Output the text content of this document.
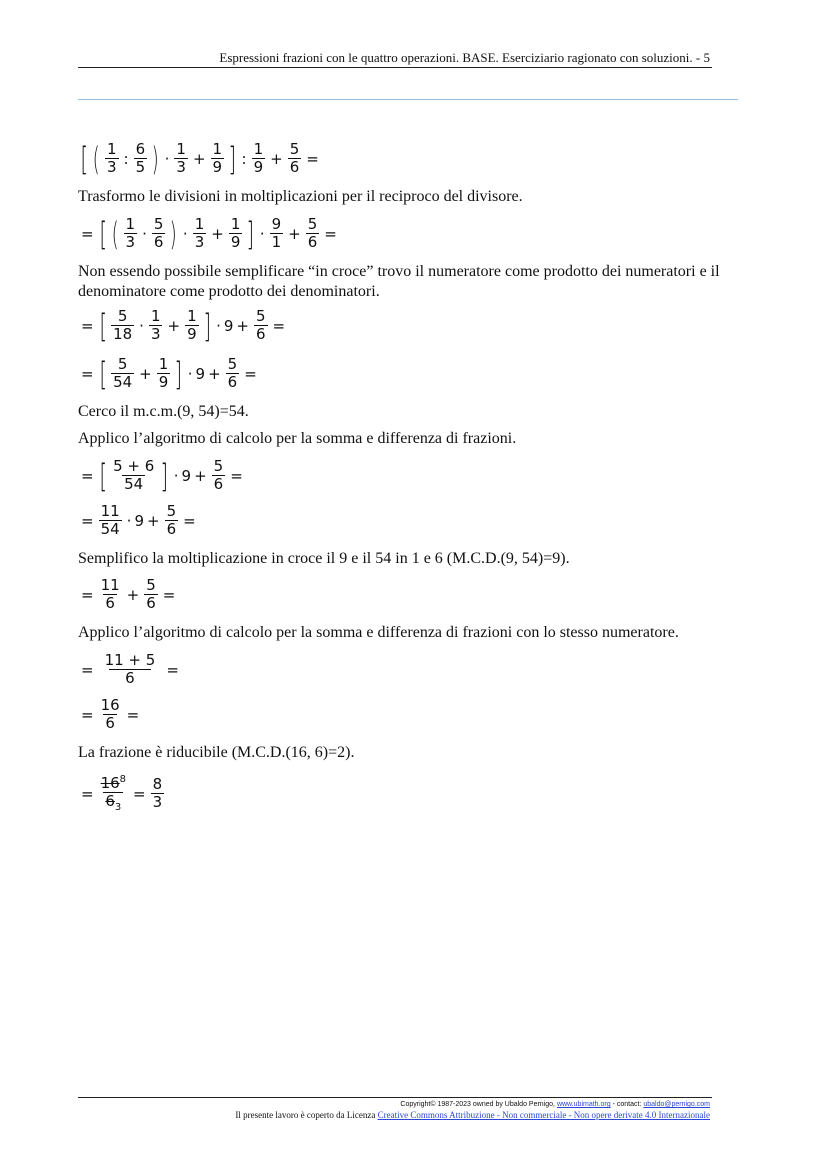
Espressioni frazioni con le quattro operazioni. BASE. Eserciziario ragionato con soluzioni. - 5
[ ( 1
3 :
6
5 ) ·
1
$3 + \frac{1}{9}$ ] :
1
$9 + \frac{5}{6}$ =
Trasformo le divisioni in moltiplicazioni per il reciproco del divisore.
= [ ( 1
3 ·
5
6 ) ·
1
$3 + \frac{1}{9}$ ] ·
9
$1 + \frac{5}{6}$ =
Non essendo possibile semplificare “in croce” trovo il numeratore come prodotto dei numeratori e il denominatore come prodotto dei denominatori.
= [ 5
18 ·
1
$3 + \frac{1}{9}$ ] · $9 + \frac{5}{6}$ =
= [ 5
$54 + \frac{1}{9}$ ] · $9 + \frac{5}{6}$ =
Cerco il m.c.m.(9, 54)=54.
Applico l’algoritmo di calcolo per la somma e differenza di frazioni.
= [ 5 + 6
54 ] · $9 + \frac{5}{6}$ =
= $\frac{11}{54} \cdot 9 + \frac{5}{6}$ =
Semplifico la moltiplicazione in croce il 9 e il 54 in 1 e 6 (M.C.D.(9, 54)=9).
= $\frac{11}{6} + \frac{5}{6}$ =
Applico l’algoritmo di calcolo per la somma e differenza di frazioni con lo stesso numeratore.
= $\frac{11 + 5}{6}$ =
= $\frac{16}{6}$ =
La frazione è riducibile (M.C.D.(16, 6)=2).
= $\frac{16^8}{6_3} = \frac{8}{3}$
Copyright© 1987-2023 owned by Ubaldo Pernigo, www.ubimath.org - contact: ubaldo@pernigo.com
Il presente lavoro è coperto da Licenza Creative Commons Attribuzione - Non commerciale - Non opere derivate 4.0 Internazionale
